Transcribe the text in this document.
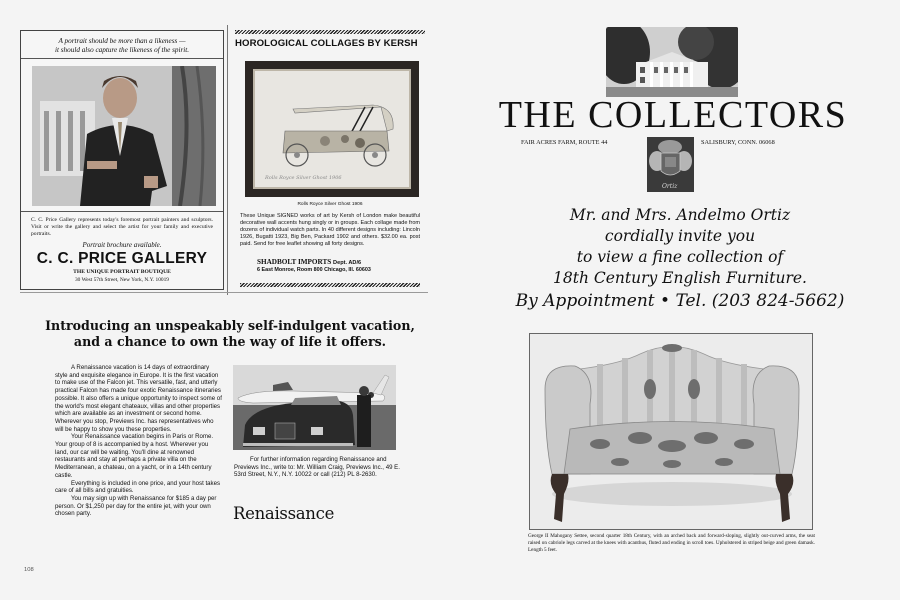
A portrait should be more than a likeness —
it should also capture the likeness of the spirit.
C. C. Price Gallery represents today's foremost portrait painters and sculptors. Visit or write the gallery and select the artist for your family and executive portraits.
Portrait brochure available.
C. C. PRICE GALLERY
THE UNIQUE PORTRAIT BOUTIQUE
30 West 57th Street, New York, N.Y. 10019
HOROLOGICAL COLLAGES BY KERSH
Rolls Royce Silver Ghost 1906
Rolls Royce Silver Ghost 1906
These Unique SIGNED works of art by Kersh of London make beautiful decorative wall accents hung singly or in groups. Each collage made from dozens of individual watch parts. In 40 different designs including: Lincoln 1926, Bugatti 1923, Big Ben, Packard 1902 and others. $32.00 ea. post paid. Send for free leaflet showing all forty designs.
SHADBOLT IMPORTS Dept. AD/6
6 East Monroe, Room 800 Chicago, Ill. 60603
Introducing an unspeakably self-indulgent vacation,
and a chance to own the way of life it offers.

A Renaissance vacation is 14 days of extraordinary style and exquisite elegance in Europe. It is the first vacation to make use of the Falcon jet. This versatile, fast, and utterly practical Falcon has made four exotic Renaissance itineraries possible. It also offers a unique opportunity to inspect some of the world's most elegant chateaux, villas and other properties which are available as an investment or second home. Wherever you stop, Previews Inc. has representatives who will be happy to show you these properties.

Your Renaissance vacation begins in Paris or Rome. Your group of 8 is accompanied by a host. Wherever you land, our car will be waiting. You'll dine at renowned restaurants and stay at perhaps a private villa on the Mediterranean, a chateau, on a yacht, or in a 14th century castle.

Everything is included in one price, and your host takes care of all bills and gratuities.

You may sign up with Renaissance for $185 a day per person. Or $1,250 per day for the entire jet, with your own chosen party.

For further information regarding Renaissance and Previews Inc., write to: Mr. William Craig, Previews Inc., 49 E. 53rd Street, N.Y., N.Y. 10022 or call (212) PL 8-2630.

Renaissance
108
THE COLLECTORS
FAIR ACRES FARM, ROUTE 44
Ortiz
SALISBURY, CONN. 06068
Mr. and Mrs. Andelmo Ortiz
cordially invite you
to view a fine collection of
18th Century English Furniture.
By Appointment • Tel. (203 824-5662)
George II Mahogany Settee, second quarter 18th Century, with an arched back and forward-sloping, slightly out-curved arms, the seat raised on cabriole legs carved at the knees with acanthus, fluted and ending in scroll toes. Upholstered in striped beige and green damask. Length 5 feet.
